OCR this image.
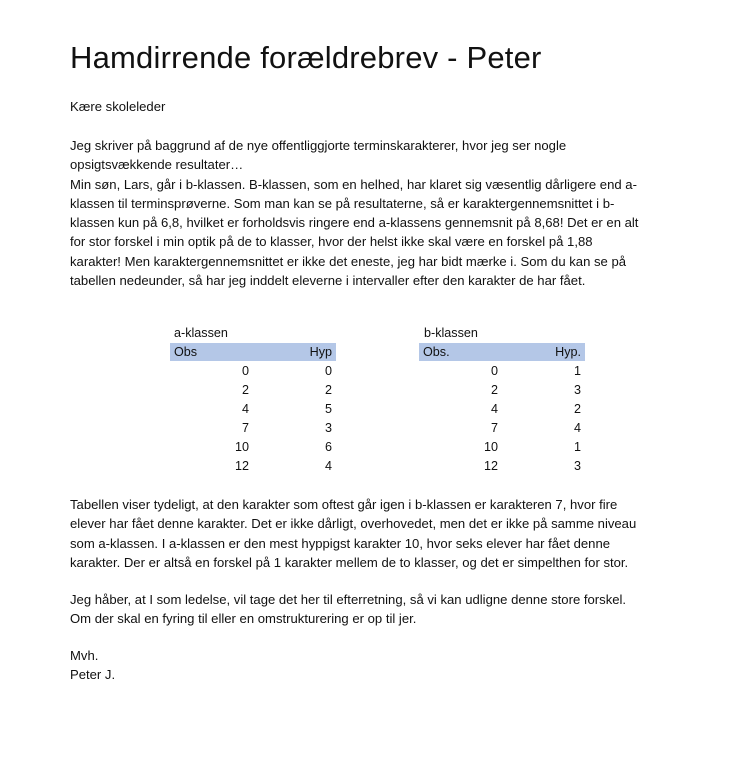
Hamdirrende forældrebrev - Peter

Kære skoleleder

Jeg skriver på baggrund af de nye offentliggjorte terminskarakterer, hvor jeg ser nogle
opsigtsvækkende resultater…
Min søn, Lars, går i b-klassen. B-klassen, som en helhed, har klaret sig væsentlig dårligere end a-
klassen til terminsprøverne. Som man kan se på resultaterne, så er karaktergennemsnittet i b-
klassen kun på 6,8, hvilket er forholdsvis ringere end a-klassens gennemsnit på 8,68! Det er en alt
for stor forskel i min optik på de to klasser, hvor der helst ikke skal være en forskel på 1,88
karakter! Men karaktergennemsnittet er ikke det eneste, jeg har bidt mærke i. Som du kan se på
tabellen nedeunder, så har jeg inddelt eleverne i intervaller efter den karakter de har fået.
a-klassen
Obs	Hyp
0	0
2	2
4	5
7	3
10	6
12	4
b-klassen
Obs.	Hyp.
0	1
2	3
4	2
7	4
10	1
12	3
Tabellen viser tydeligt, at den karakter som oftest går igen i b-klassen er karakteren 7, hvor fire
elever har fået denne karakter. Det er ikke dårligt, overhovedet, men det er ikke på samme niveau
som a-klassen. I a-klassen er den mest hyppigst karakter 10, hvor seks elever har fået denne
karakter. Der er altså en forskel på 1 karakter mellem de to klasser, og det er simpelthen for stor.
Jeg håber, at I som ledelse, vil tage det her til efterretning, så vi kan udligne denne store forskel.
Om der skal en fyring til eller en omstrukturering er op til jer.
Mvh.
Peter J.
